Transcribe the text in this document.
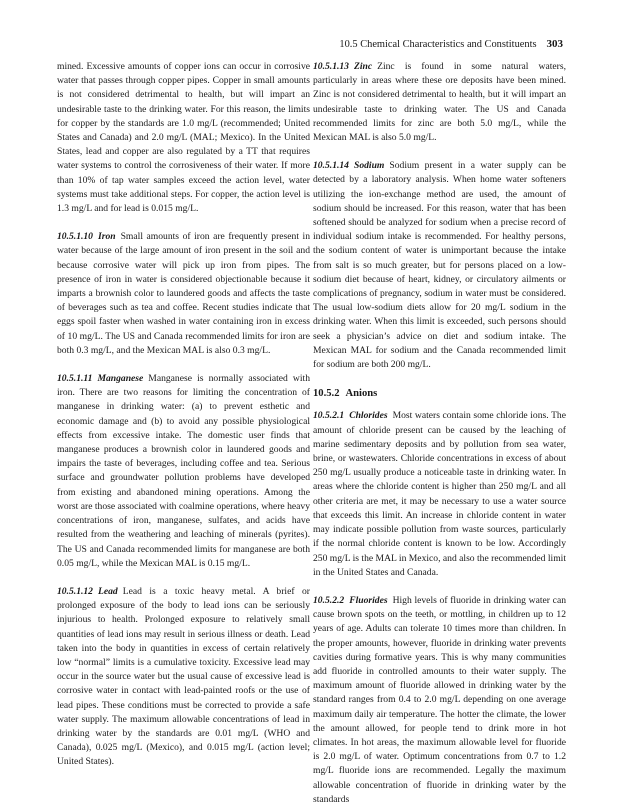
10.5 Chemical Characteristics and Constituents 303

mined. Excessive amounts of copper ions can occur in corrosive water that passes through copper pipes. Copper in small amounts is not considered detrimental to health, but will impart an undesirable taste to the drinking water. For this reason, the limits for copper by the standards are 1.0 mg/L (recommended; United States and Canada) and 2.0 mg/L (MAL; Mexico). In the United States, lead and copper are also regulated by a TT that requires water systems to control the corrosiveness of their water. If more than 10% of tap water samples exceed the action level, water systems must take additional steps. For copper, the action level is 1.3 mg/L and for lead is 0.015 mg/L.

10.5.1.10 Iron Small amounts of iron are frequently present in water because of the large amount of iron present in the soil and because corrosive water will pick up iron from pipes. The presence of iron in water is considered objectionable because it imparts a brownish color to laundered goods and affects the taste of beverages such as tea and coffee. Recent studies indicate that eggs spoil faster when washed in water containing iron in excess of 10 mg/L. The US and Canada recommended limits for iron are both 0.3 mg/L, and the Mexican MAL is also 0.3 mg/L.

10.5.1.11 Manganese Manganese is normally associated with iron. There are two reasons for limiting the concentration of manganese in drinking water: (a) to prevent esthetic and economic damage and (b) to avoid any possible physiological effects from excessive intake. The domestic user finds that manganese produces a brownish color in laundered goods and impairs the taste of beverages, including coffee and tea. Serious surface and groundwater pollution problems have developed from existing and abandoned mining operations. Among the worst are those associated with coalmine operations, where heavy concentrations of iron, manganese, sulfates, and acids have resulted from the weathering and leaching of minerals (pyrites). The US and Canada recommended limits for manganese are both 0.05 mg/L, while the Mexican MAL is 0.15 mg/L.

10.5.1.12 Lead Lead is a toxic heavy metal. A brief or prolonged exposure of the body to lead ions can be seriously injurious to health. Prolonged exposure to relatively small quantities of lead ions may result in serious illness or death. Lead taken into the body in quantities in excess of certain relatively low “normal” limits is a cumulative toxicity. Excessive lead may occur in the source water but the usual cause of excessive lead is corrosive water in contact with lead-painted roofs or the use of lead pipes. These conditions must be corrected to provide a safe water supply. The maximum allowable concentrations of lead in drinking water by the standards are 0.01 mg/L (WHO and Canada), 0.025 mg/L (Mexico), and 0.015 mg/L (action level; United States).

10.5.1.13 Zinc Zinc is found in some natural waters, particularly in areas where these ore deposits have been mined. Zinc is not considered detrimental to health, but it will impart an undesirable taste to drinking water. The US and Canada recommended limits for zinc are both 5.0 mg/L, while the Mexican MAL is also 5.0 mg/L.

10.5.1.14 Sodium Sodium present in a water supply can be detected by a laboratory analysis. When home water softeners utilizing the ion-exchange method are used, the amount of sodium should be increased. For this reason, water that has been softened should be analyzed for sodium when a precise record of individual sodium intake is recommended. For healthy persons, the sodium content of water is unimportant because the intake from salt is so much greater, but for persons placed on a low-sodium diet because of heart, kidney, or circulatory ailments or complications of pregnancy, sodium in water must be considered. The usual low-sodium diets allow for 20 mg/L sodium in the drinking water. When this limit is exceeded, such persons should seek a physician’s advice on diet and sodium intake. The Mexican MAL for sodium and the Canada recommended limit for sodium are both 200 mg/L.

10.5.2 Anions

10.5.2.1 Chlorides Most waters contain some chloride ions. The amount of chloride present can be caused by the leaching of marine sedimentary deposits and by pollution from sea water, brine, or wastewaters. Chloride concentrations in excess of about 250 mg/L usually produce a noticeable taste in drinking water. In areas where the chloride content is higher than 250 mg/L and all other criteria are met, it may be necessary to use a water source that exceeds this limit. An increase in chloride content in water may indicate possible pollution from waste sources, particularly if the normal chloride content is known to be low. Accordingly 250 mg/L is the MAL in Mexico, and also the recommended limit in the United States and Canada.

10.5.2.2 Fluorides High levels of fluoride in drinking water can cause brown spots on the teeth, or mottling, in children up to 12 years of age. Adults can tolerate 10 times more than children. In the proper amounts, however, fluoride in drinking water prevents cavities during formative years. This is why many communities add fluoride in controlled amounts to their water supply. The maximum amount of fluoride allowed in drinking water by the standard ranges from 0.4 to 2.0 mg/L depending on one average maximum daily air temperature. The hotter the climate, the lower the amount allowed, for people tend to drink more in hot climates. In hot areas, the maximum allowable level for fluoride is 2.0 mg/L of water. Optimum concentrations from 0.7 to 1.2 mg/L fluoride ions are recommended. Legally the maximum allowable concentration of fluoride in drinking water by the standards
